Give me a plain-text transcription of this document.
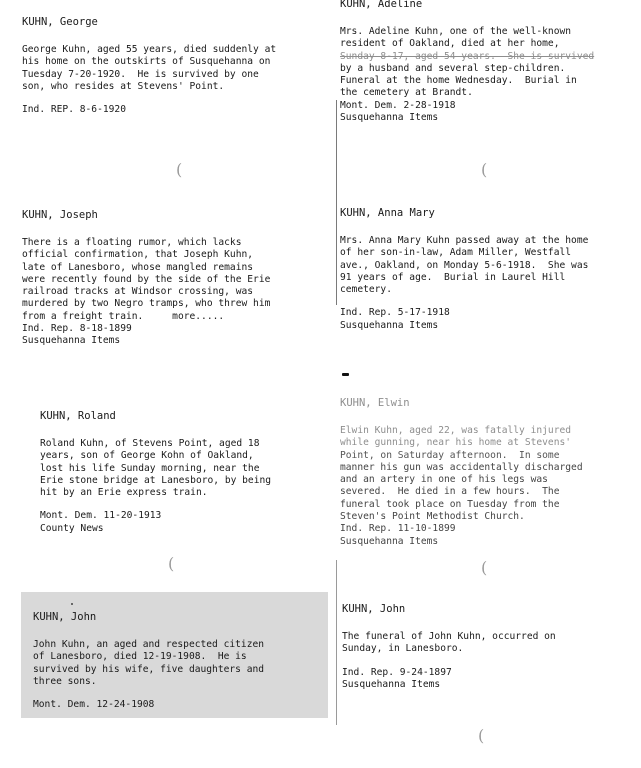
(	(
(	(
(

KUHN, George

George Kuhn, aged 55 years, died suddenly at

his home on the outskirts of Susquehanna on

Tuesday 7-20-1920.  He is survived by one

son, who resides at Stevens' Point.

Ind. REP. 8-6-1920

KUHN, Adeline

Mrs. Adeline Kuhn, one of the well-known

resident of Oakland, died at her home,

Sunday 8-17, aged 54 years.  She is survived

by a husband and several step-children.

Funeral at the home Wednesday.  Burial in

the cemetery at Brandt.

Mont. Dem. 2-28-1918

Susquehanna Items

KUHN, Joseph

There is a floating rumor, which lacks

official confirmation, that Joseph Kuhn,

late of Lanesboro, whose mangled remains

were recently found by the side of the Erie

railroad tracks at Windsor crossing, was

murdered by two Negro tramps, who threw him

from a freight train.     more.....

Ind. Rep. 8-18-1899

Susquehanna Items

KUHN, Anna Mary

Mrs. Anna Mary Kuhn passed away at the home

of her son-in-law, Adam Miller, Westfall

ave., Oakland, on Monday 5-6-1918.  She was

91 years of age.  Burial in Laurel Hill

cemetery.

Ind. Rep. 5-17-1918

Susquehanna Items

KUHN, Roland

Roland Kuhn, of Stevens Point, aged 18

years, son of George Kohn of Oakland,

lost his life Sunday morning, near the

Erie stone bridge at Lanesboro, by being

hit by an Erie express train.

Mont. Dem. 11-20-1913

County News

KUHN, Elwin

Elwin Kuhn, aged 22, was fatally injured

while gunning, near his home at Stevens'

Point, on Saturday afternoon.  In some

manner his gun was accidentally discharged

and an artery in one of his legs was

severed.  He died in a few hours.  The

funeral took place on Tuesday from the

Steven's Point Methodist Church.

Ind. Rep. 11-10-1899

Susquehanna Items

KUHN, John

John Kuhn, an aged and respected citizen

of Lanesboro, died 12-19-1908.  He is

survived by his wife, five daughters and

three sons.

Mont. Dem. 12-24-1908

KUHN, John

The funeral of John Kuhn, occurred on

Sunday, in Lanesboro.

Ind. Rep. 9-24-1897

Susquehanna Items
